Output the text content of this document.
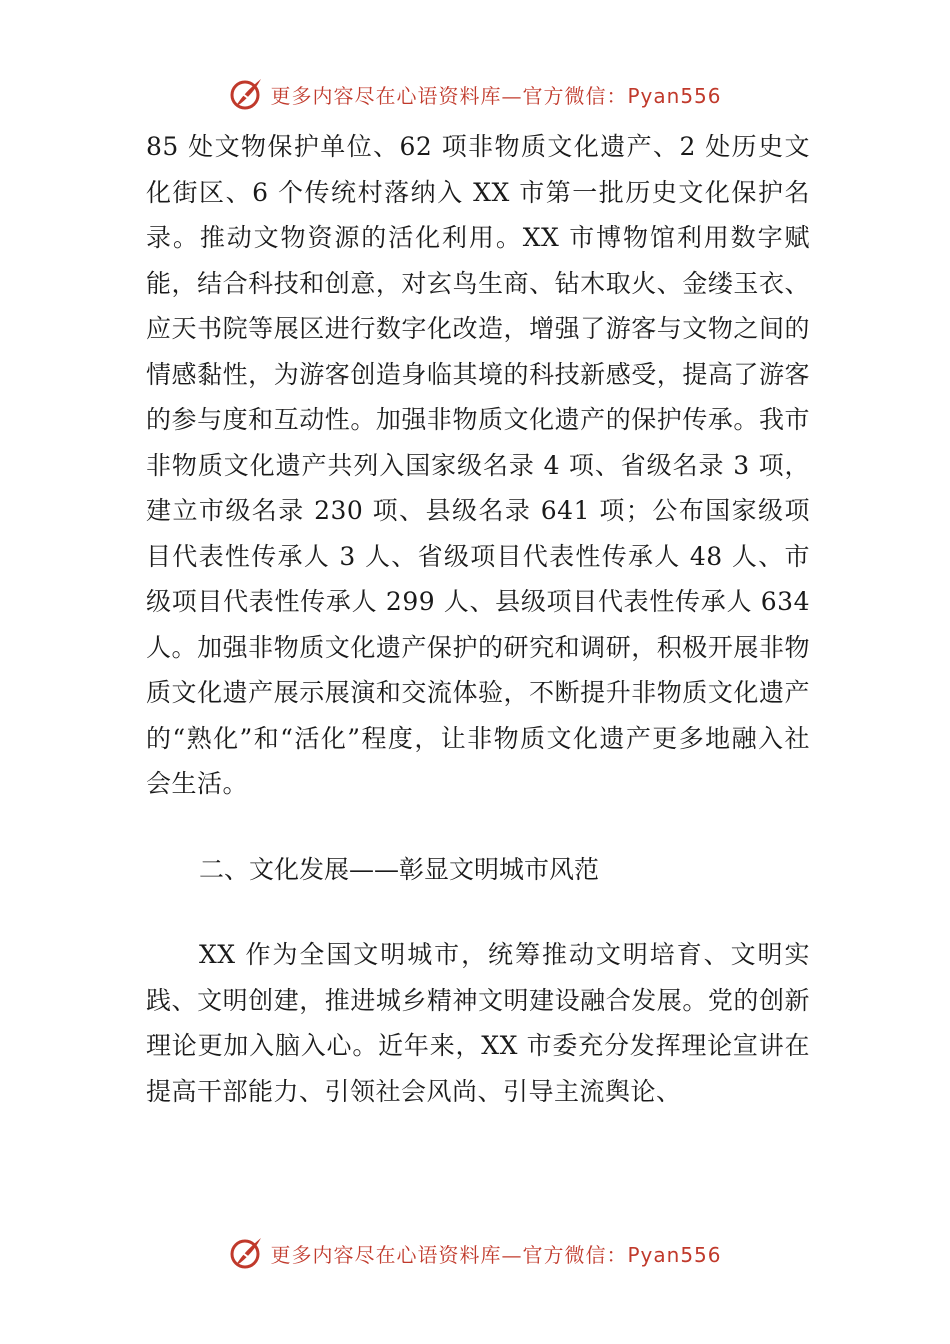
更多内容尽在心语资料库—官方微信：Pyan556

85 处文物保护单位、62 项非物质文化遗产、2 处历史文化街区、6 个传统村落纳入 XX 市第一批历史文化保护名录。推动文物资源的活化利用。XX 市博物馆利用数字赋能，结合科技和创意，对玄鸟生商、钻木取火、金缕玉衣、应天书院等展区进行数字化改造，增强了游客与文物之间的情感黏性，为游客创造身临其境的科技新感受，提高了游客的参与度和互动性。加强非物质文化遗产的保护传承。我市非物质文化遗产共列入国家级名录 4 项、省级名录 3 项，建立市级名录 230 项、县级名录 641 项；公布国家级项目代表性传承人 3 人、省级项目代表性传承人 48 人、市级项目代表性传承人 299 人、县级项目代表性传承人 634 人。加强非物质文化遗产保护的研究和调研，积极开展非物质文化遗产展示展演和交流体验，不断提升非物质文化遗产的“熟化”和“活化”程度，让非物质文化遗产更多地融入社会生活。

二、文化发展——彰显文明城市风范

XX 作为全国文明城市，统筹推动文明培育、文明实践、文明创建，推进城乡精神文明建设融合发展。党的创新理论更加入脑入心。近年来，XX 市委充分发挥理论宣讲在提高干部能力、引领社会风尚、引导主流舆论、

更多内容尽在心语资料库—官方微信：Pyan556
